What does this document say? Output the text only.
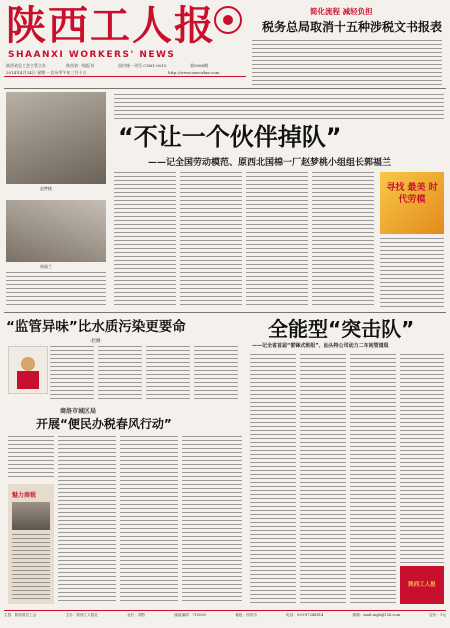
陕西工人报
SHAANXI WORKERS' NEWS
陕西省总工会主管主办	陕西省一级报刊	国内统一刊号 CN61-0015	第9088期
2014年4月14日 星期一 农历甲午年三月十五	http://www.sxworker.com
简化流程 减轻负担
税务总局取消十五种涉税文书报表
赵梦桃
郭福兰
“不让一个伙伴掉队”
——记全国劳动模范、原西北国棉一厂赵梦桃小组组长郭福兰
寻找 最美 时代劳模
“监管异味”比水质污染更要命
·赵刚·
全能型“突击队”
——记全省首届“雷锋式班组”、汕头特公司动力二车间管道组
陕西工人报
商洛市城区局
开展“便民办税春风行动”
魅力商税
主管：陕西省总工会	主办：陕西工人报社	社长：胡哲	邮政编码：710003	地址：西安市	电话：029-87248614	邮箱：mail.sxgh@126.com	定价：1元
